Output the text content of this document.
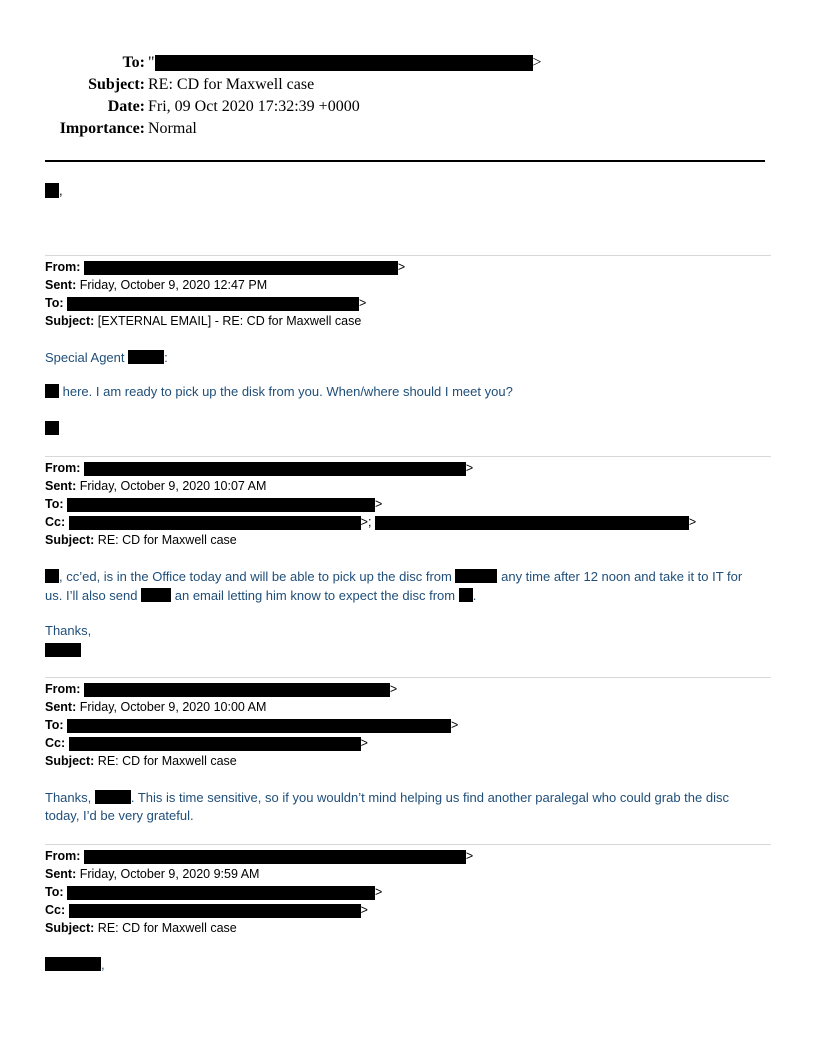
To: "	>
Subject: RE: CD for Maxwell case
Date: Fri, 09 Oct 2020 17:32:39 +0000
Importance: Normal
,
From:	>
Sent: Friday, October 9, 2020 12:47 PM
To:	>
Subject: [EXTERNAL EMAIL] - RE: CD for Maxwell case
Special Agent	:
here. I am ready to pick up the disk from you. When/where should I meet you?
From:	>
Sent: Friday, October 9, 2020 10:07 AM
To:	>
Cc:	>;	>
Subject: RE: CD for Maxwell case
, cc’ed, is in the Office today and will be able to pick up the disc from	any time after 12 noon and take it to IT for
us. I’ll also send	an email letting him know to expect the disc from .
Thanks,
From:	>
Sent: Friday, October 9, 2020 10:00 AM
To:	>
Cc:	>
Subject: RE: CD for Maxwell case
Thanks,	. This is time sensitive, so if you wouldn’t mind helping us find another paralegal who could grab the disc
today, I’d be very grateful.
From:	>
Sent: Friday, October 9, 2020 9:59 AM
To:	>
Cc:	>
Subject: RE: CD for Maxwell case
,
